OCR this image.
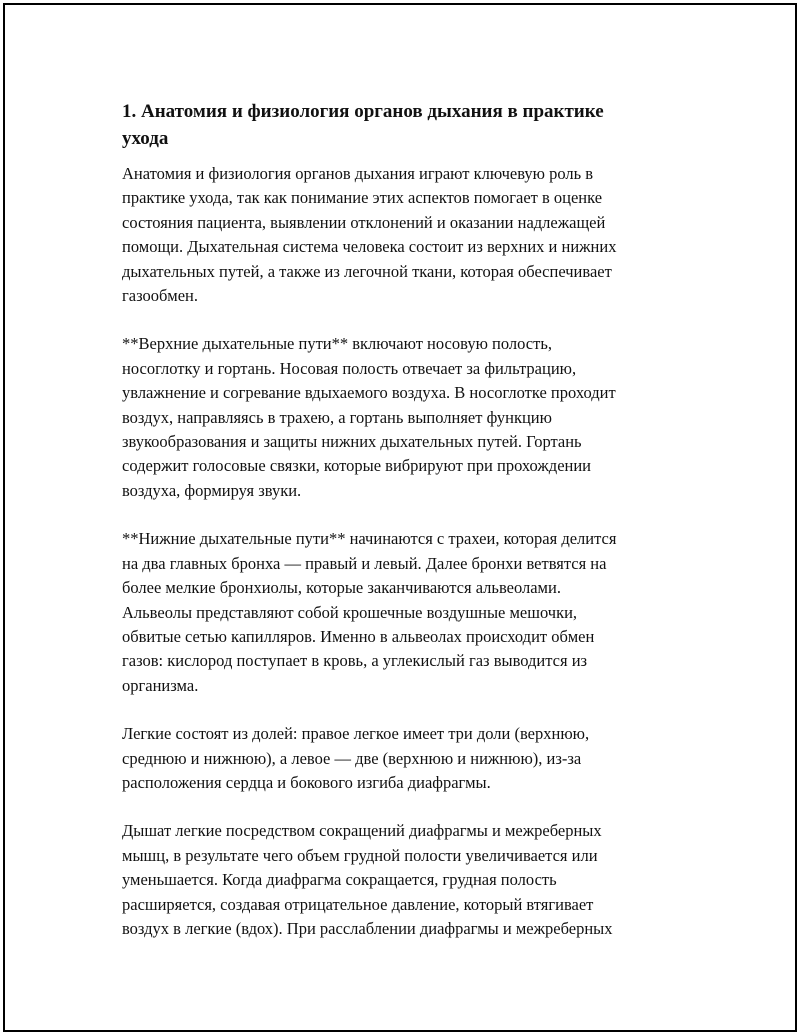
1. Анатомия и физиология органов дыхания в практике
ухода

Анатомия и физиология органов дыхания играют ключевую роль в
практике ухода, так как понимание этих аспектов помогает в оценке
состояния пациента, выявлении отклонений и оказании надлежащей
помощи. Дыхательная система человека состоит из верхних и нижних
дыхательных путей, а также из легочной ткани, которая обеспечивает
газообмен.

**Верхние дыхательные пути** включают носовую полость,
носоглотку и гортань. Носовая полость отвечает за фильтрацию,
увлажнение и согревание вдыхаемого воздуха. В носоглотке проходит
воздух, направляясь в трахею, а гортань выполняет функцию
звукообразования и защиты нижних дыхательных путей. Гортань
содержит голосовые связки, которые вибрируют при прохождении
воздуха, формируя звуки.

**Нижние дыхательные пути** начинаются с трахеи, которая делится
на два главных бронха — правый и левый. Далее бронхи ветвятся на
более мелкие бронхиолы, которые заканчиваются альвеолами.
Альвеолы представляют собой крошечные воздушные мешочки,
обвитые сетью капилляров. Именно в альвеолах происходит обмен
газов: кислород поступает в кровь, а углекислый газ выводится из
организма.

Легкие состоят из долей: правое легкое имеет три доли (верхнюю,
среднюю и нижнюю), а левое — две (верхнюю и нижнюю), из-за
расположения сердца и бокового изгиба диафрагмы.

Дышат легкие посредством сокращений диафрагмы и межреберных
мышц, в результате чего объем грудной полости увеличивается или
уменьшается. Когда диафрагма сокращается, грудная полость
расширяется, создавая отрицательное давление, который втягивает
воздух в легкие (вдох). При расслаблении диафрагмы и межреберных
